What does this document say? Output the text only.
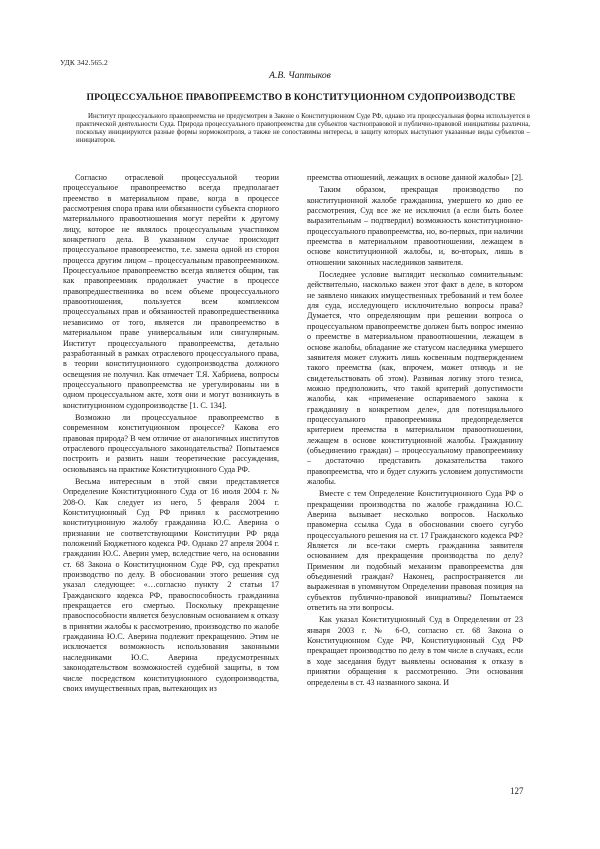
УДК 342.565.2
А.В. Чаптыков
ПРОЦЕССУАЛЬНОЕ ПРАВОПРЕЕМСТВО В КОНСТИТУЦИОННОМ СУДОПРОИЗВОДСТВЕ
Институт процессуального правопреемства не предусмотрен в Законе о Конституционном Суде РФ, однако эта процессуальная форма используется в практической деятельности Суда. Природа процессуального правопреемства для субъектов частноправовой и публично-правовой инициативы различна, поскольку инициируются разные формы нормоконтроля, а также не сопоставимы интересы, в защиту которых выступают указанные виды субъектов – инициаторов.

Согласно отраслевой процессуальной теории процессуальное правопреемство всегда предполагает преемство в материальном праве, когда в процессе рассмотрения спора права или обязанности субъекта спорного материального правоотношения могут перейти к другому лицу, которое не являлось процессуальным участником конкретного дела. В указанном случае происходит процессуальное правопреемство, т.е. замена одной из сторон процесса другим лицом – процессуальным правопреемником. Процессуальное правопреемство всегда является общим, так как правопреемник продолжает участие в процессе правопредшественника во всем объеме процессуального правоотношения, пользуется всем комплексом процессуальных прав и обязанностей правопредшественника независимо от того, является ли правопреемство в материальном праве универсальным или сингулярным. Институт процессуального правопреемства, детально разработанный в рамках отраслевого процессуального права, в теории конституционного судопроизводства должного освещения не получил. Как отмечает Т.Я. Хабриева, вопросы процессуального правопреемства не урегулированы ни в одном процессуальном акте, хотя они и могут возникнуть в конституционном судопроизводстве [1. С. 134].

Возможно ли процессуальное правопреемство в современном конституционном процессе? Какова его правовая природа? В чем отличие от аналогичных институтов отраслевого процессуального законодательства? Попытаемся построить и развить наши теоретические рассуждения, основываясь на практике Конституционного Суда РФ.

Весьма интересным в этой связи представляется Определение Конституционного Суда от 16 июля 2004 г. № 208-О. Как следует из него, 5 февраля 2004 г. Конституционный Суд РФ принял к рассмотрению конституционную жалобу гражданина Ю.С. Аверина о признании не соответствующими Конституции РФ ряда положений Бюджетного кодекса РФ. Однако 27 апреля 2004 г. гражданин Ю.С. Аверин умер, вследствие чего, на основании ст. 68 Закона о Конституционном Суде РФ, суд прекратил производство по делу. В обосновании этого решения суд указал следующее: «…согласно пункту 2 статьи 17 Гражданского кодекса РФ, правоспособность гражданина прекращается его смертью. Поскольку прекращение правоспособности является безусловным основанием к отказу в принятии жалобы к рассмотрению, производство по жалобе гражданина Ю.С. Аверина подлежит прекращению. Этим не исключается возможность использования законными наследниками Ю.С. Аверина предусмотренных законодательством возможностей судебной защиты, в том числе посредством конституционного судопроизводства, своих имущественных прав, вытекающих из

преемства отношений, лежащих в основе данной жалобы» [2].

Таким образом, прекращая производство по конституционной жалобе гражданина, умершего ко дню ее рассмотрения, Суд все же не исключил (а если быть более выразительным – подтвердил) возможность конституционно-процессуального правопреемства, но, во-первых, при наличии преемства в материальном правоотношении, лежащем в основе конституционной жалобы, и, во-вторых, лишь в отношении законных наследников заявителя.

Последнее условие выглядит несколько сомнительным: действительно, насколько важен этот факт в деле, в котором не заявлено никаких имущественных требований и тем более для суда, исследующего исключительно вопросы права? Думается, что определяющим при решении вопроса о процессуальном правопреемстве должен быть вопрос именно о преемстве в материальном правоотношении, лежащем в основе жалобы, обладание же статусом наследника умершего заявителя может служить лишь косвенным подтверждением такого преемства (как, впрочем, может отнюдь и не свидетельствовать об этом). Развивая логику этого тезиса, можно предположить, что такой критерий допустимости жалобы, как «применение оспариваемого закона к гражданину в конкретном деле», для потенциального процессуального правопреемника предопределяется критерием преемства в материальном правоотношении, лежащем в основе конституционной жалобы. Гражданину (объединению граждан) – процессуальному правопреемнику – достаточно представить доказательства такого правопреемства, что и будет служить условием допустимости жалобы.

Вместе с тем Определение Конституционного Суда РФ о прекращении производства по жалобе гражданина Ю.С. Аверина вызывает несколько вопросов. Насколько правомерна ссылка Суда в обосновании своего сугубо процессуального решения на ст. 17 Гражданского кодекса РФ? Является ли все-таки смерть гражданина заявителя основанием для прекращения производства по делу? Применим ли подобный механизм правопреемства для объединений граждан? Наконец, распространяется ли выраженная в упомянутом Определении правовая позиция на субъектов публично-правовой инициативы? Попытаемся ответить на эти вопросы.

Как указал Конституционный Суд в Определении от 23 января 2003 г. № 6-О, согласно ст. 68 Закона о Конституционном Суде РФ, Конституционный Суд РФ прекращает производство по делу в том числе в случаях, если в ходе заседания будут выявлены основания к отказу в принятии обращения к рассмотрению. Эти основания определены в ст. 43 названного закона. И

127
